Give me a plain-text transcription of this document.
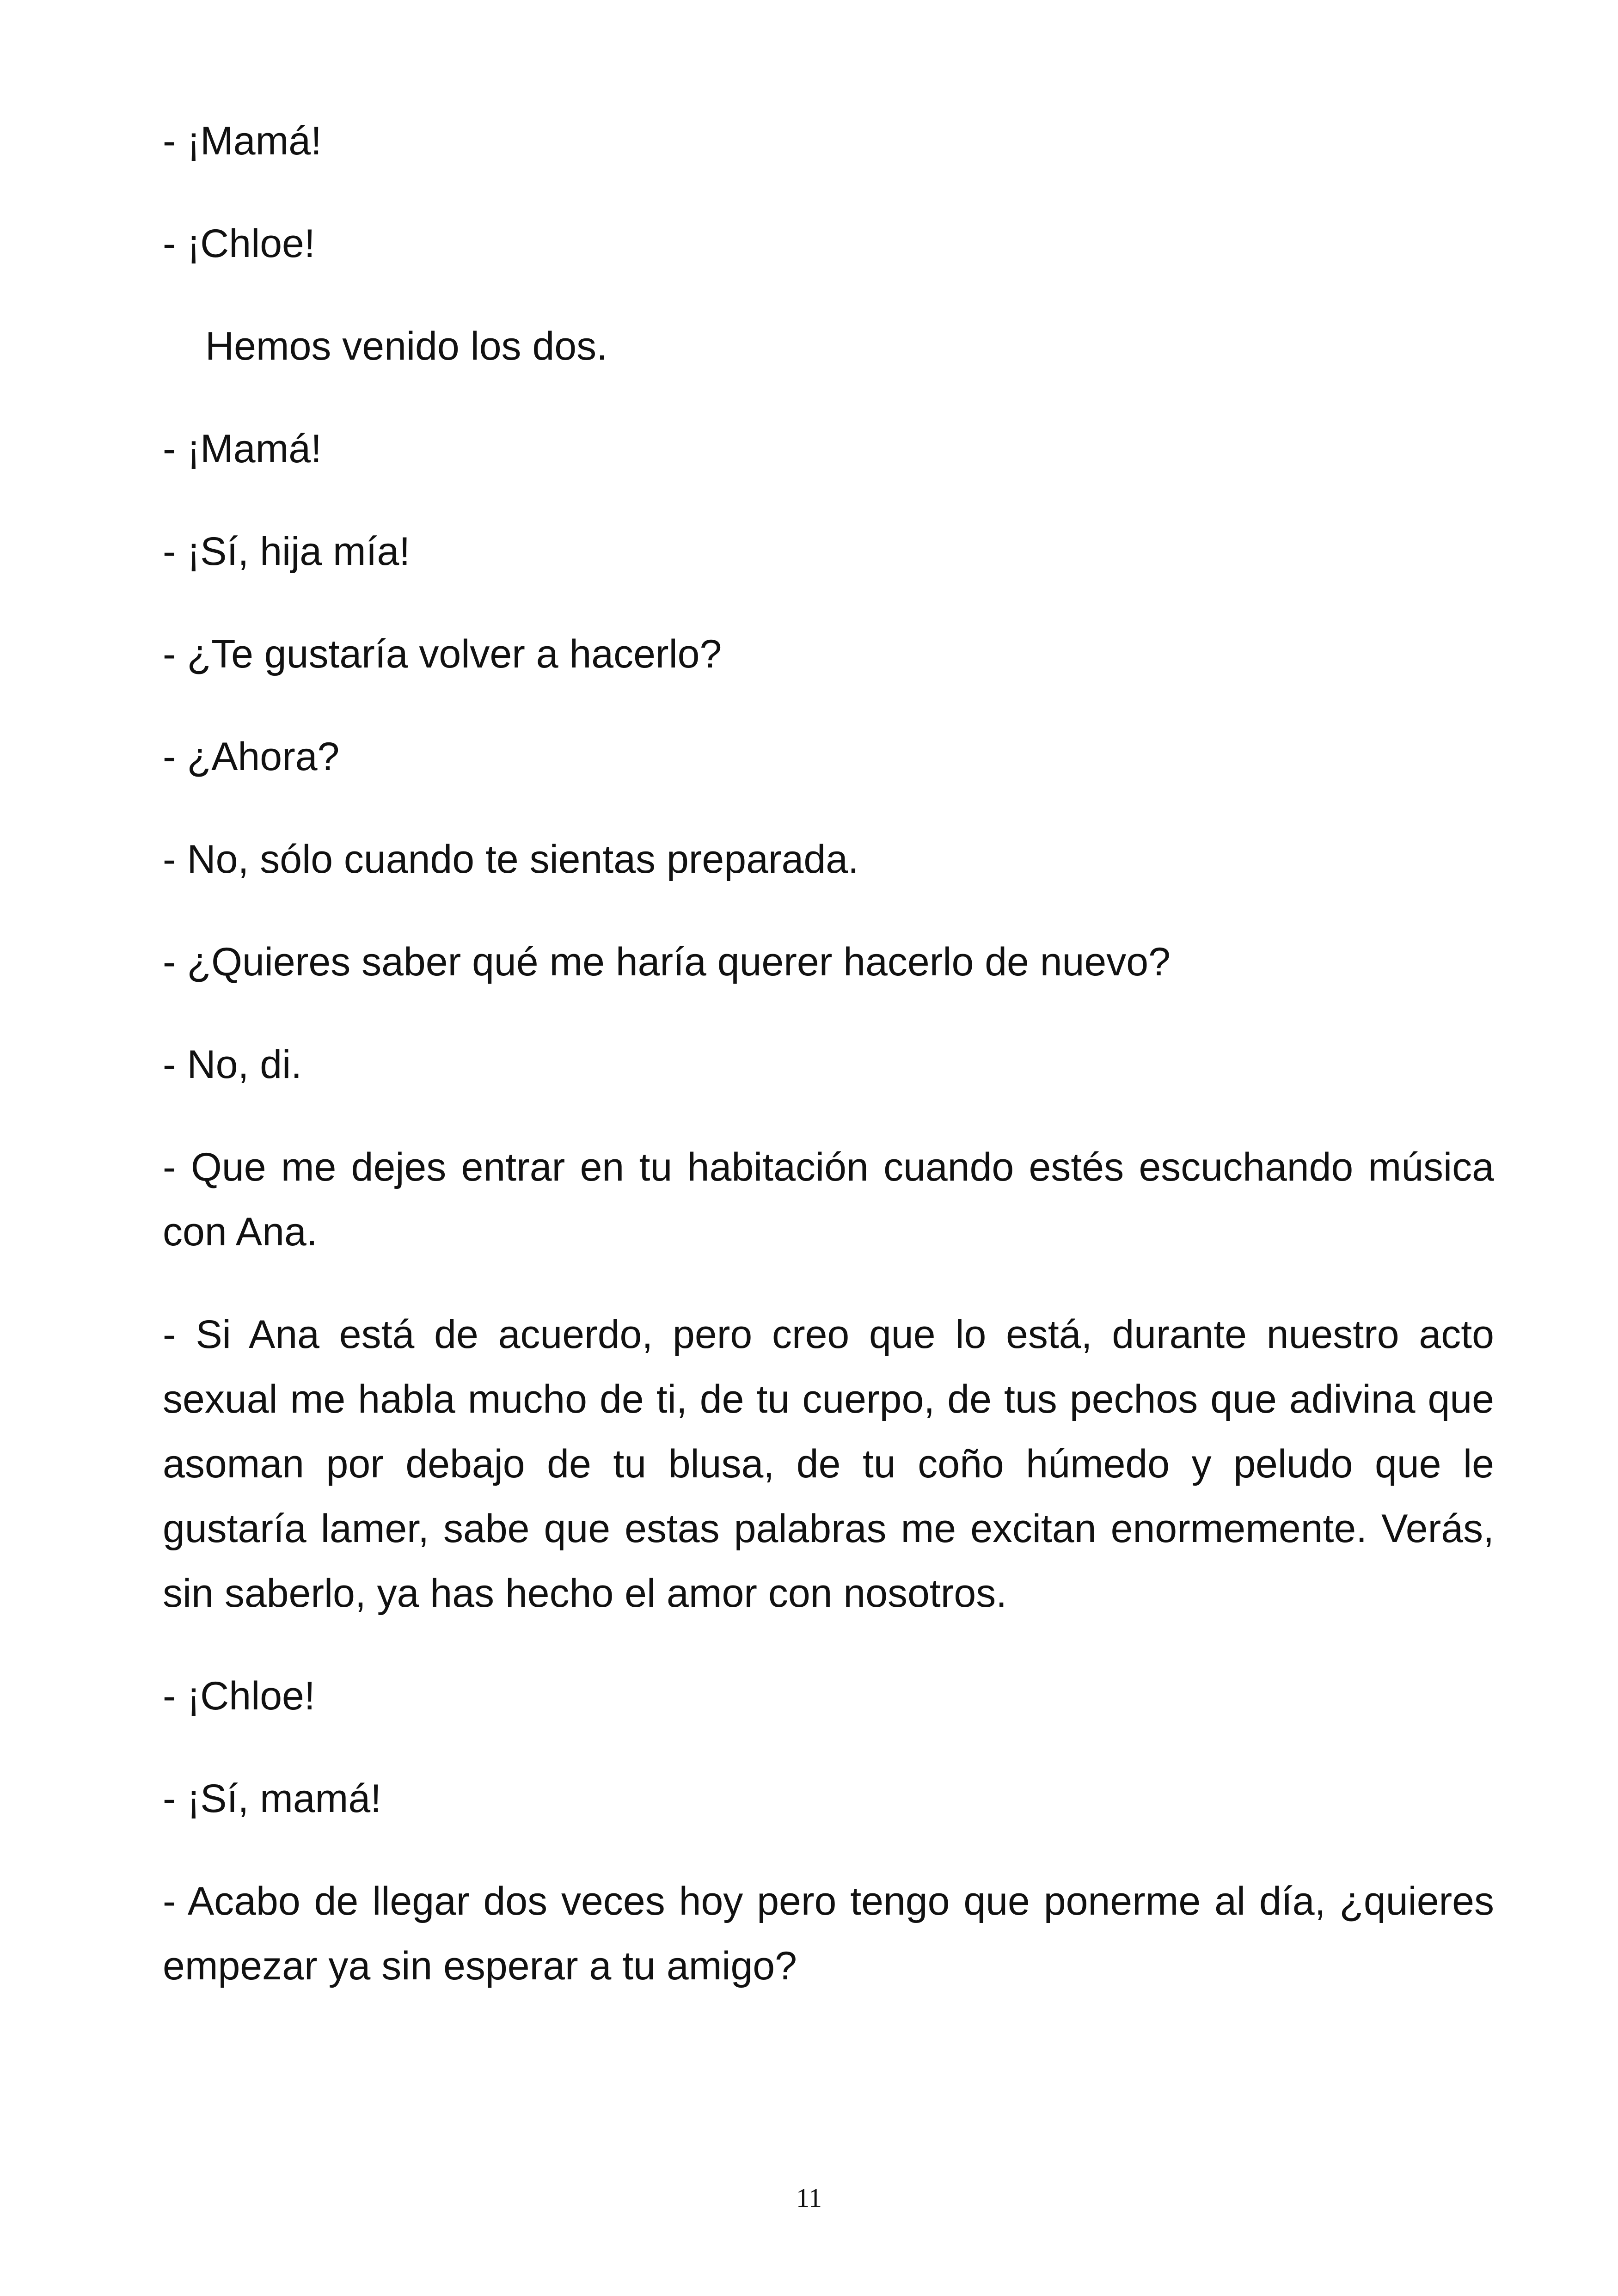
- ¡Mamá!

- ¡Chloe!

Hemos venido los dos.

- ¡Mamá!

- ¡Sí, hija mía!

- ¿Te gustaría volver a hacerlo?

- ¿Ahora?

- No, sólo cuando te sientas preparada.

- ¿Quieres saber qué me haría querer hacerlo de nuevo?

- No, di.

- Que me dejes entrar en tu habitación cuando estés escuchando música con Ana.

- Si Ana está de acuerdo, pero creo que lo está, durante nuestro acto sexual me habla mucho de ti, de tu cuerpo, de tus pechos que adivina que asoman por debajo de tu blusa, de tu coño húmedo y peludo que le gustaría lamer, sabe que estas palabras me excitan enormemente. Verás, sin saberlo, ya has hecho el amor con nosotros.

- ¡Chloe!

- ¡Sí, mamá!

- Acabo de llegar dos veces hoy pero tengo que ponerme al día, ¿quieres empezar ya sin esperar a tu amigo?

11
